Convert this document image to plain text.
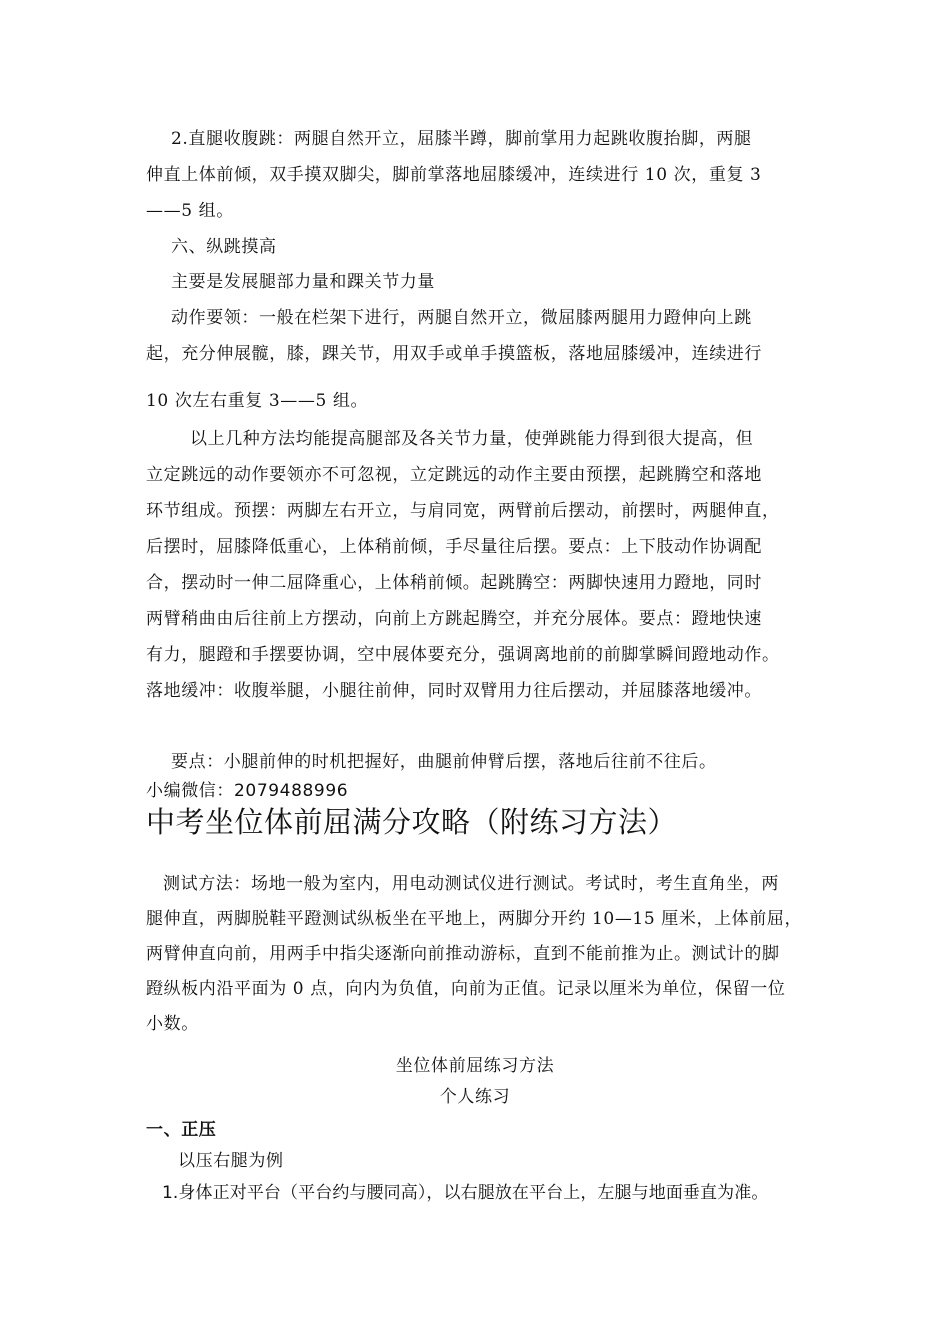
2.直腿收腹跳：两腿自然开立，屈膝半蹲，脚前掌用力起跳收腹抬脚，两腿
伸直上体前倾，双手摸双脚尖，脚前掌落地屈膝缓冲，连续进行 10 次，重复 3
——5 组。
六、纵跳摸高
主要是发展腿部力量和踝关节力量
动作要领：一般在栏架下进行，两腿自然开立，微屈膝两腿用力蹬伸向上跳
起，充分伸展髋，膝，踝关节，用双手或单手摸篮板，落地屈膝缓冲，连续进行
10 次左右重复 3——5 组。
以上几种方法均能提高腿部及各关节力量，使弹跳能力得到很大提高，但
立定跳远的动作要领亦不可忽视，立定跳远的动作主要由预摆，起跳腾空和落地
环节组成。预摆：两脚左右开立，与肩同宽，两臂前后摆动，前摆时，两腿伸直，
后摆时，屈膝降低重心，上体稍前倾，手尽量往后摆。要点：上下肢动作协调配
合，摆动时一伸二屈降重心，上体稍前倾。起跳腾空：两脚快速用力蹬地，同时
两臂稍曲由后往前上方摆动，向前上方跳起腾空，并充分展体。要点：蹬地快速
有力，腿蹬和手摆要协调，空中展体要充分，强调离地前的前脚掌瞬间蹬地动作。
落地缓冲：收腹举腿，小腿往前伸，同时双臂用力往后摆动，并屈膝落地缓冲。
要点：小腿前伸的时机把握好，曲腿前伸臂后摆，落地后往前不往后。
小编微信：2079488996
中考坐位体前屈满分攻略（附练习方法）
测试方法：场地一般为室内，用电动测试仪进行测试。考试时，考生直角坐，两
腿伸直，两脚脱鞋平蹬测试纵板坐在平地上，两脚分开约 10—15 厘米，上体前屈，
两臂伸直向前，用两手中指尖逐渐向前推动游标，直到不能前推为止。测试计的脚
蹬纵板内沿平面为 0 点，向内为负值，向前为正值。记录以厘米为单位，保留一位
小数。
坐位体前屈练习方法
个人练习
一、正压
以压右腿为例
1.身体正对平台（平台约与腰同高），以右腿放在平台上，左腿与地面垂直为准。
